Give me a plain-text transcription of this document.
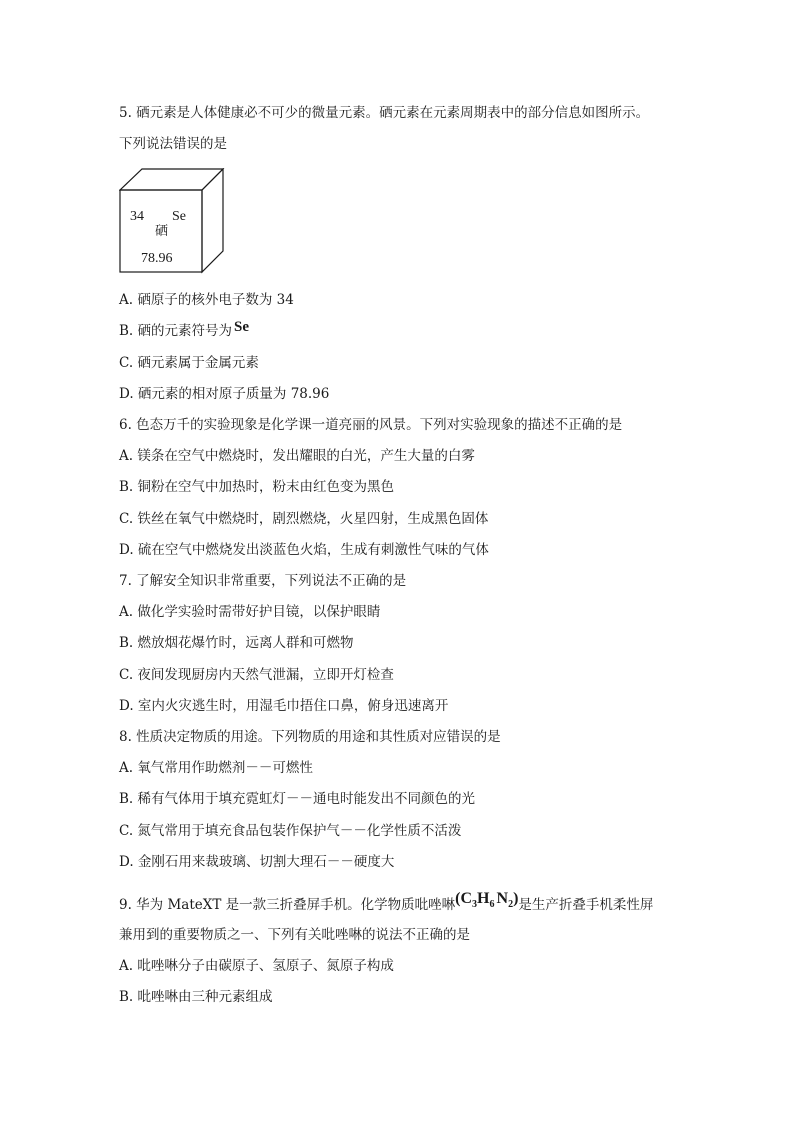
5. 硒元素是人体健康必不可少的微量元素。硒元素在元素周期表中的部分信息如图所示。
下列说法错误的是
34 Se
硒
78.96
A. 硒原子的核外电子数为 34
B. 硒的元素符号为 Se
C. 硒元素属于金属元素
D. 硒元素的相对原子质量为 78.96
6. 色态万千的实验现象是化学课一道亮丽的风景。下列对实验现象的描述不正确的是
A. 镁条在空气中燃烧时，发出耀眼的白光，产生大量的白雾
B. 铜粉在空气中加热时，粉末由红色变为黑色
C. 铁丝在氧气中燃烧时，剧烈燃烧，火星四射，生成黑色固体
D. 硫在空气中燃烧发出淡蓝色火焰，生成有刺激性气味的气体
7. 了解安全知识非常重要，下列说法不正确的是
A. 做化学实验时需带好护目镜，以保护眼睛
B. 燃放烟花爆竹时，远离人群和可燃物
C. 夜间发现厨房内天然气泄漏，立即开灯检查
D. 室内火灾逃生时，用湿毛巾捂住口鼻，俯身迅速离开
8. 性质决定物质的用途。下列物质的用途和其性质对应错误的是
A. 氧气常用作助燃剂－－可燃性
B. 稀有气体用于填充霓虹灯－－通电时能发出不同颜色的光
C. 氮气常用于填充食品包装作保护气－－化学性质不活泼
D. 金刚石用来裁玻璃、切割大理石－－硬度大
9. 华为 MateXT 是一款三折叠屏手机。化学物质吡唑啉($C_3H_6$ $N_2$)是生产折叠手机柔性屏
兼用到的重要物质之一、下列有关吡唑啉的说法不正确的是
A. 吡唑啉分子由碳原子、氢原子、氮原子构成
B. 吡唑啉由三种元素组成
